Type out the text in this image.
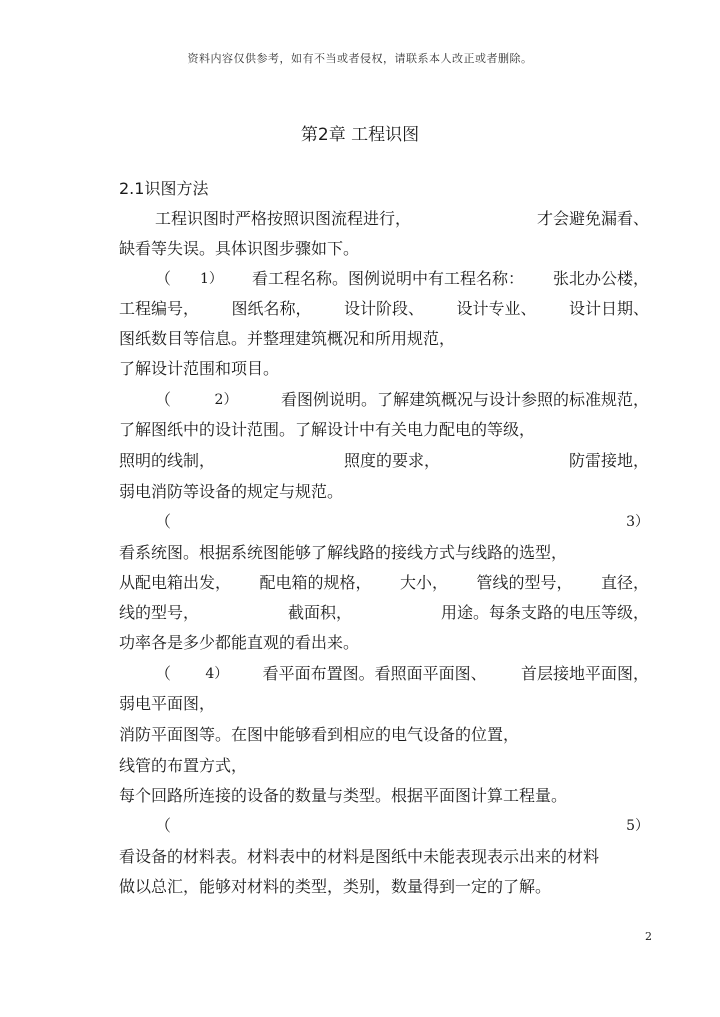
资料内容仅供参考，如有不当或者侵权，请联系本人改正或者删除。
第2章 工程识图
2.1识图方法
工程识图时严格按照识图流程进行，	才会避免漏看、
缺看等失误。具体识图步骤如下。
（ 1） 看工程名称。图例说明中有工程名称： 张北办公楼，
工程编号， 图纸名称， 设计阶段、 设计专业、 设计日期、
图纸数目等信息。并整理建筑概况和所用规范，
了解设计范围和项目。
（	2）	看图例说明。了解建筑概况与设计参照的标准规范，
了解图纸中的设计范围。了解设计中有关电力配电的等级，
照明的线制，	照度的要求，	防雷接地，
弱电消防等设备的规定与规范。
（	3）
看系统图。根据系统图能够了解线路的接线方式与线路的选型，
从配电箱出发， 配电箱的规格， 大小， 管线的型号， 直径，
线的型号，	截面积，	用途。每条支路的电压等级，
功率各是多少都能直观的看出来。
（ 4） 看平面布置图。看照面平面图、 首层接地平面图，
弱电平面图，
消防平面图等。在图中能够看到相应的电气设备的位置，
线管的布置方式，
每个回路所连接的设备的数量与类型。根据平面图计算工程量。
（	5）
看设备的材料表。材料表中的材料是图纸中未能表现表示出来的材料
做以总汇，能够对材料的类型，类别，数量得到一定的了解。
2
